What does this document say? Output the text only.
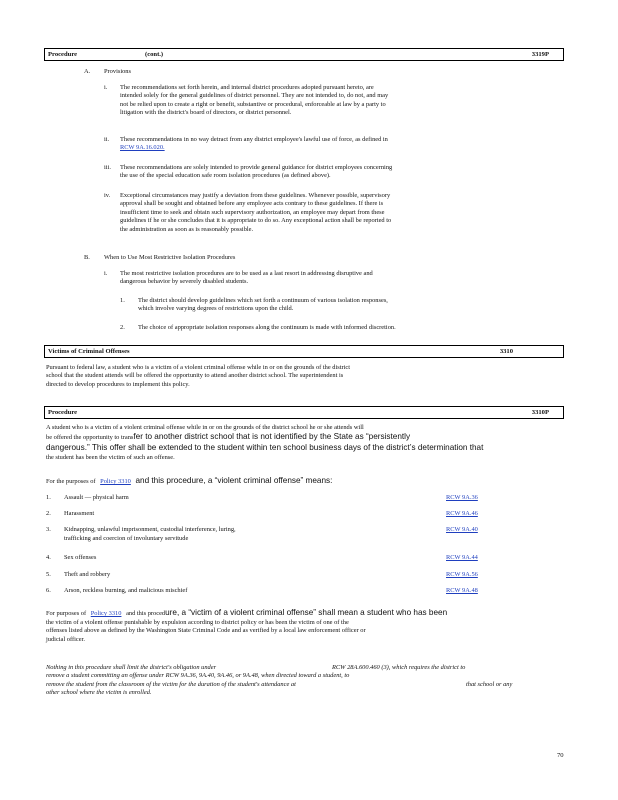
Procedure	(cont.)	3319P
A. Provisions
i. The recommendations set forth herein, and internal district procedures adopted pursuant hereto, are
intended solely for the general guidelines of district personnel. They are not intended to, do not, and may
not be relied upon to create a right or benefit, substantive or procedural, enforceable at law by a party to
litigation with the district's board of directors, or district personnel.
ii. These recommendations in no way detract from any district employee's lawful use of force, as defined in
RCW 9A.16.020.
iii. These recommendations are solely intended to provide general guidance for district employees concerning
the use of the special education safe room isolation procedures (as defined above).
iv. Exceptional circumstances may justify a deviation from these guidelines. Whenever possible, supervisory
approval shall be sought and obtained before any employee acts contrary to these guidelines. If there is
insufficient time to seek and obtain such supervisory authorization, an employee may depart from these
guidelines if he or she concludes that it is appropriate to do so. Any exceptional action shall be reported to
the administration as soon as is reasonably possible.
B. When to Use Most Restrictive Isolation Procedures
i. The most restrictive isolation procedures are to be used as a last resort in addressing disruptive and
dangerous behavior by severely disabled students.
1. The district should develop guidelines which set forth a continuum of various isolation responses,
which involve varying degrees of restrictions upon the child.
2. The choice of appropriate isolation responses along the continuum is made with informed discretion.
Victims of Criminal Offenses	3310
Pursuant to federal law, a student who is a victim of a violent criminal offense while in or on the grounds of the district
school that the student attends will be offered the opportunity to attend another district school. The superintendent is
directed to develop procedures to implement this policy.
Procedure	3310P
A student who is a victim of a violent criminal offense while in or on the grounds of the district school he or she attends will
be offered the opportunity to transfer to another district school that is not identified by the State as “persistently
dangerous.” This offer shall be extended to the student within ten school business days of the district’s determination that
the student has been the victim of such an offense.
For the purposes of Policy 3310 and this procedure, a “violent criminal offense” means:
1. Assault — physical harm	RCW 9A.36
2. Harassment	RCW 9A.46
3. Kidnapping, unlawful imprisonment, custodial interference, luring,
trafficking and coercion of involuntary servitude
RCW 9A.40
4. Sex offenses	RCW 9A.44
5. Theft and robbery	RCW 9A.56
6. Arson, reckless burning, and malicious mischief	RCW 9A.48
For purposes of Policy 3310 and this procedure, a “victim of a violent criminal offense” shall mean a student who has been
the victim of a violent offense punishable by expulsion according to district policy or has been the victim of one of the
offenses listed above as defined by the Washington State Criminal Code and as verified by a local law enforcement officer or
judicial officer.
Nothing in this procedure shall limit the district's obligation under	RCW 28A.600.460 (3), which requires the district to
remove a student committing an offense under RCW 9A.36, 9A.40, 9A.46, or 9A.48, when directed toward a student, to
remove the student from the classroom of the victim for the duration of the student's attendance at	that school or any
other school where the victim is enrolled.
70
